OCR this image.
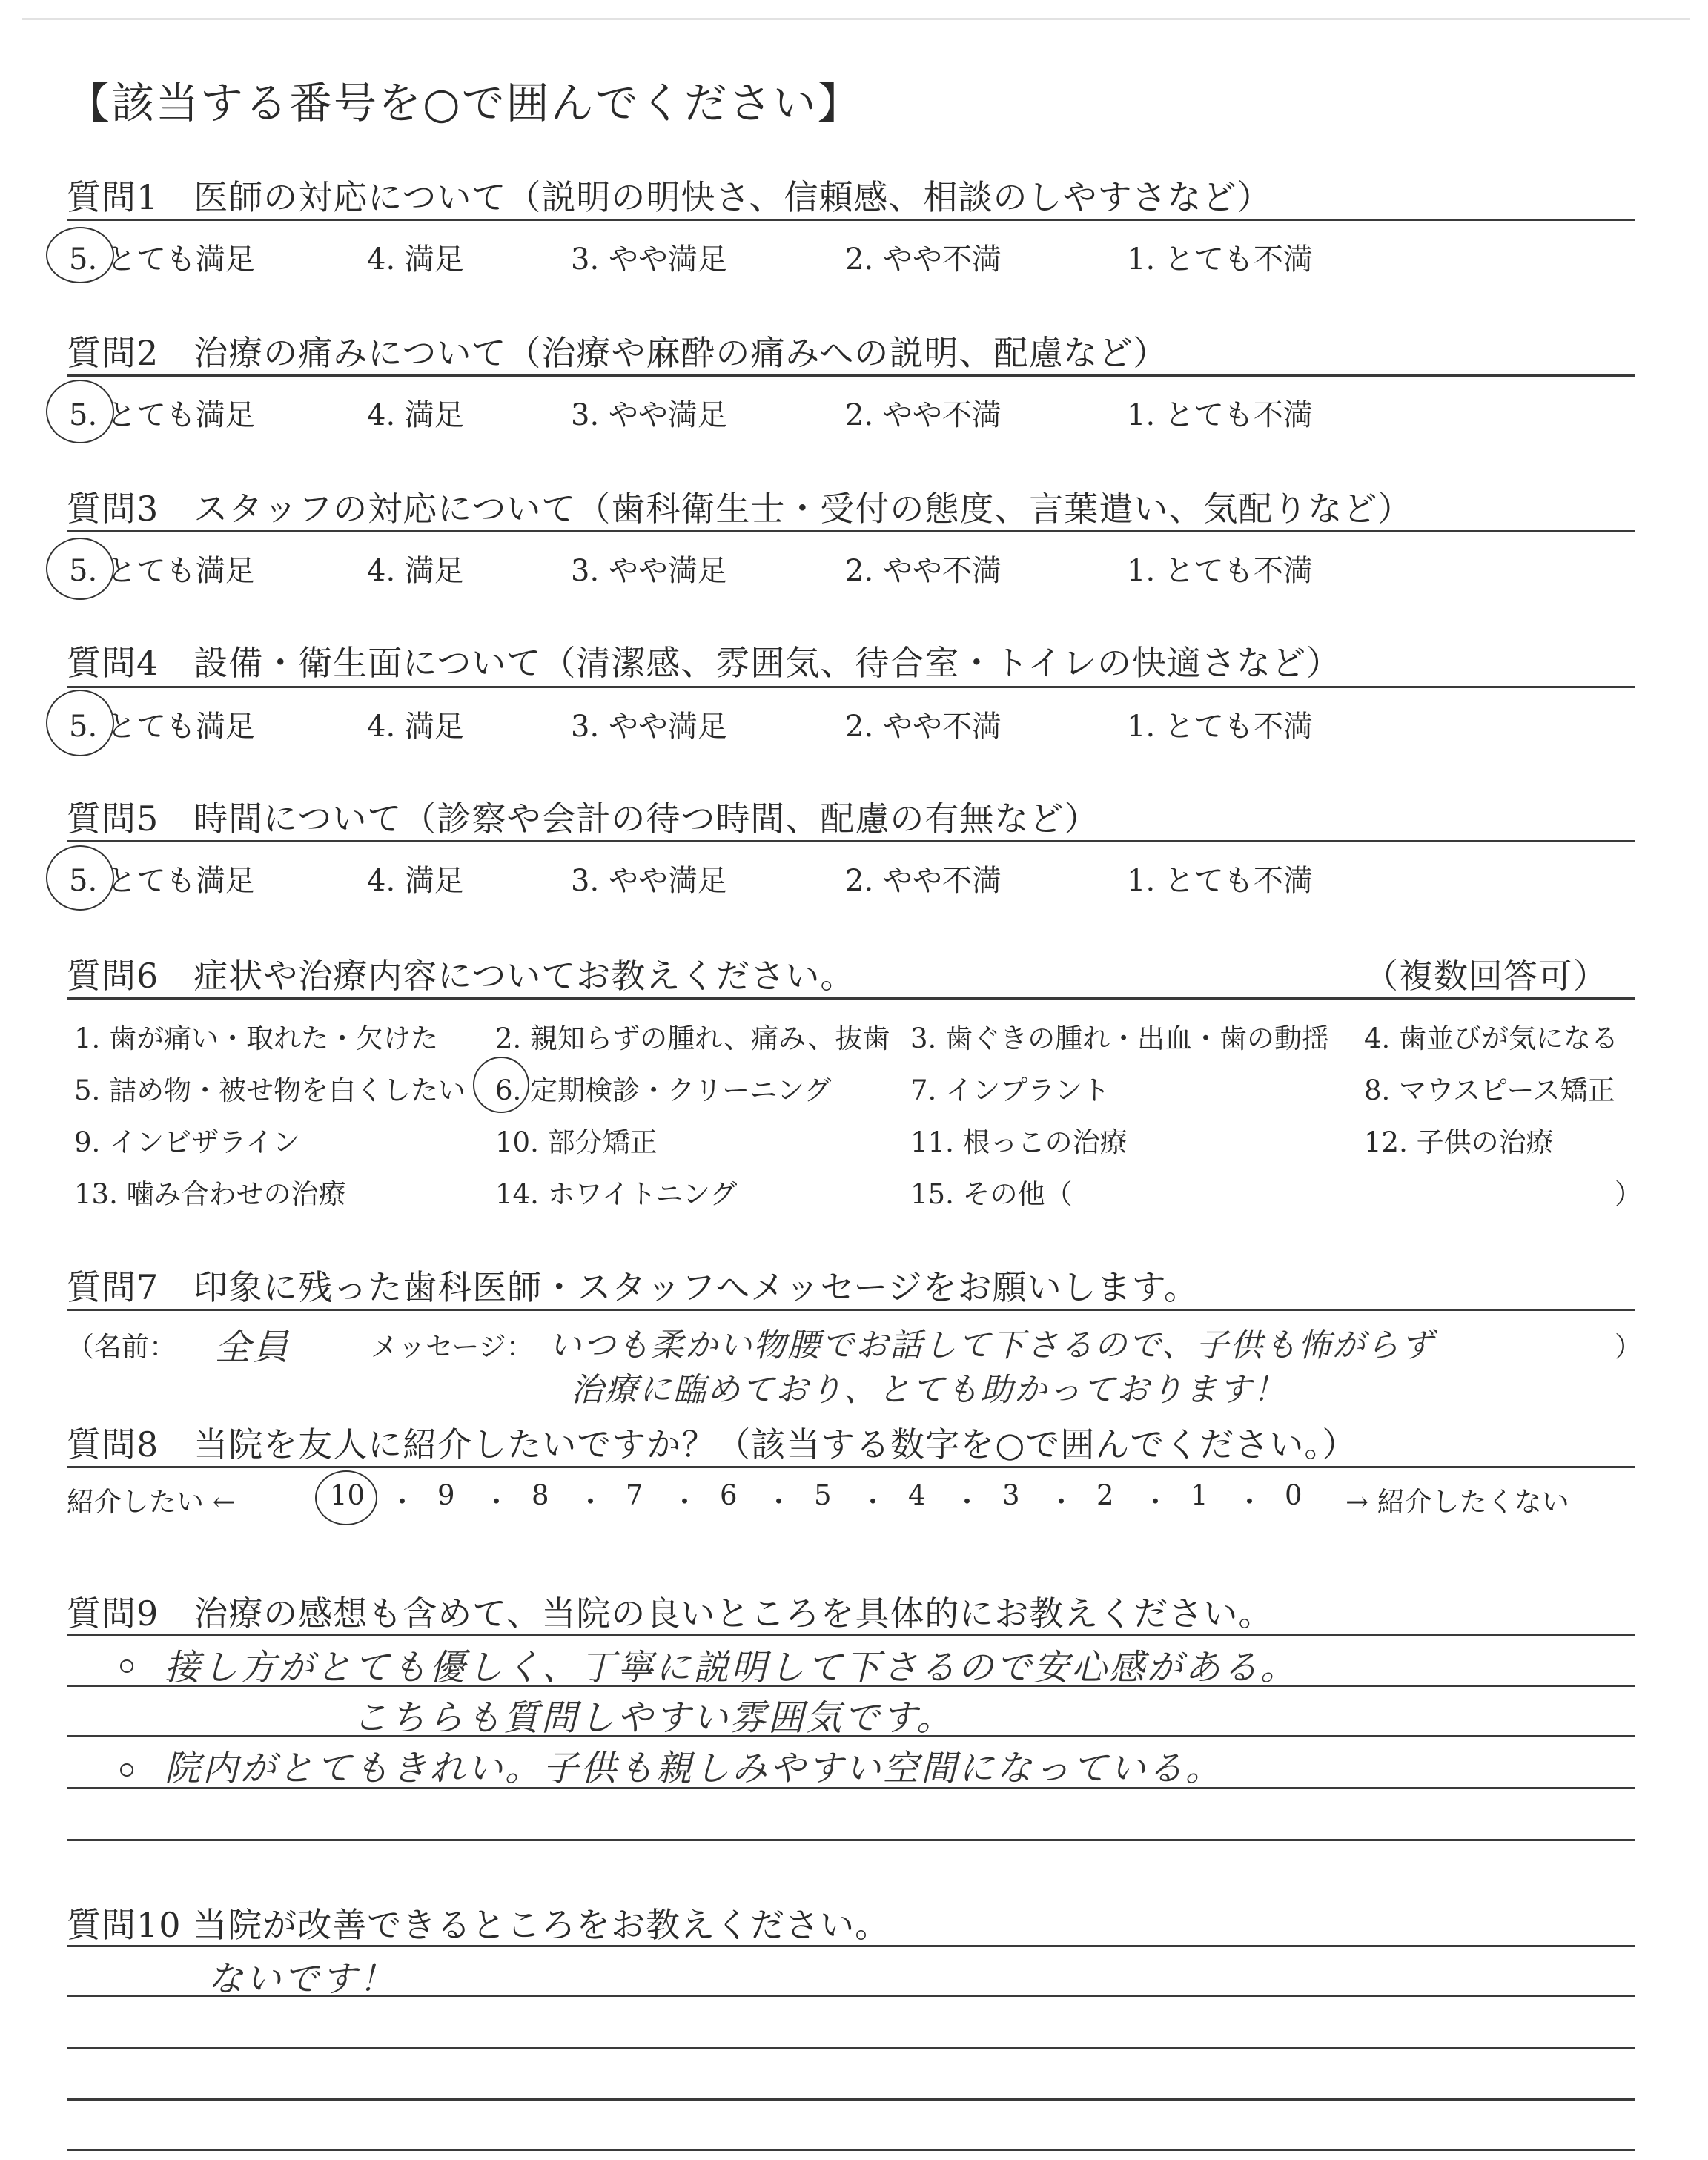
【該当する番号を○で囲んでください】
質問1　医師の対応について（説明の明快さ、信頼感、相談のしやすさなど）
5. とても満足	4. 満足	3. やや満足	2. やや不満	1. とても不満
質問2　治療の痛みについて（治療や麻酔の痛みへの説明、配慮など）
5. とても満足	4. 満足	3. やや満足	2. やや不満	1. とても不満
質問3　スタッフの対応について（歯科衛生士・受付の態度、言葉遣い、気配りなど）
5. とても満足	4. 満足	3. やや満足	2. やや不満	1. とても不満
質問4　設備・衛生面について（清潔感、雰囲気、待合室・トイレの快適さなど）
5. とても満足	4. 満足	3. やや満足	2. やや不満	1. とても不満
質問5　時間について（診察や会計の待つ時間、配慮の有無など）
5. とても満足	4. 満足	3. やや満足	2. やや不満	1. とても不満
質問6　症状や治療内容についてお教えください。	（複数回答可）
1. 歯が痛い・取れた・欠けた 2. 親知らずの腫れ、痛み、抜歯 3. 歯ぐきの腫れ・出血・歯の動揺 4. 歯並びが気になる
5. 詰め物・被せ物を白くしたい 6. 定期検診・クリーニング	7. インプラント	8. マウスピース矯正
9. インビザライン	10. 部分矯正	11. 根っこの治療	12. 子供の治療
13. 噛み合わせの治療	14. ホワイトニング	15. その他（	）
質問7　印象に残った歯科医師・スタッフへメッセージをお願いします。
（名前： 全員	メッセージ： いつも柔かい物腰でお話して下さるので、子供も怖がらず
治療に臨めており、とても助かっております！
）
質問8　当院を友人に紹介したいですか？（該当する数字を○で囲んでください。）
紹介したい ←	→ 紹介したくない
10 ・ 9 ・ 8 ・ 7 ・ 6 ・ 5 ・ 4 ・ 3 ・ 2 ・ 1 ・ 0
質問9　治療の感想も含めて、当院の良いところを具体的にお教えください。
接し方がとても優しく、丁寧に説明して下さるので安心感がある。
こちらも質問しやすい雰囲気です。
院内がとてもきれい。子供も親しみやすい空間になっている。
質問10 当院が改善できるところをお教えください。
ないです！
